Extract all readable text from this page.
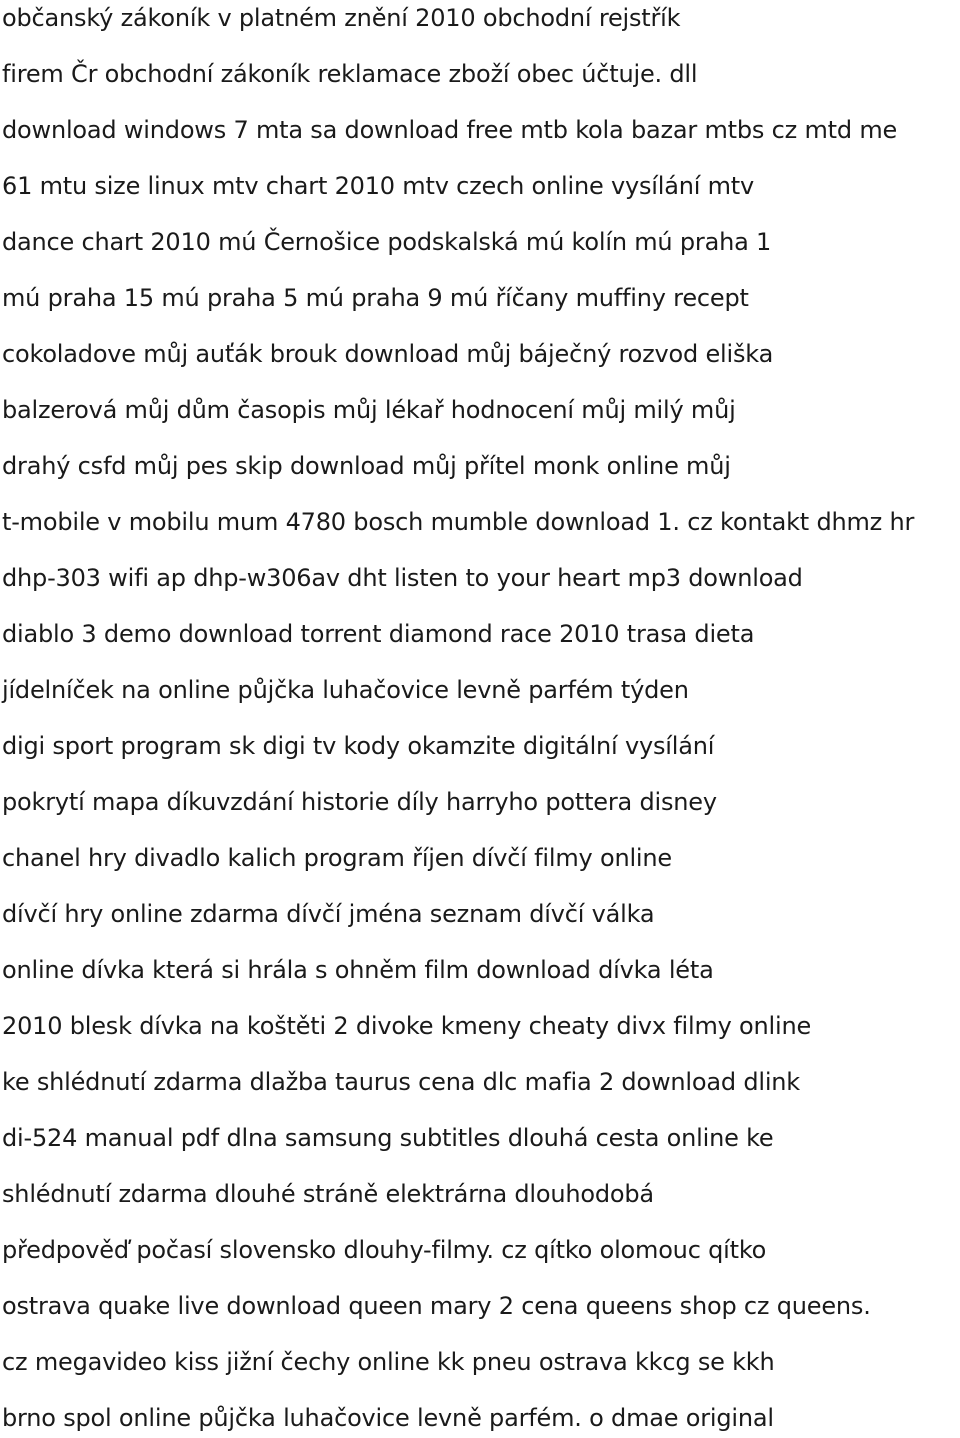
občanský zákoník v platném znění 2010 obchodní rejstřík
firem Čr obchodní zákoník reklamace zboží obec účtuje. dll
download windows 7 mta sa download free mtb kola bazar mtbs cz mtd me
61 mtu size linux mtv chart 2010 mtv czech online vysílání mtv
dance chart 2010 mú Černošice podskalská mú kolín mú praha 1
mú praha 15 mú praha 5 mú praha 9 mú říčany muffiny recept
cokoladove můj auťák brouk download můj báječný rozvod eliška
balzerová můj dům časopis můj lékař hodnocení můj milý můj
drahý csfd můj pes skip download můj přítel monk online můj
t-mobile v mobilu mum 4780 bosch mumble download 1. cz kontakt dhmz hr
dhp-303 wifi ap dhp-w306av dht listen to your heart mp3 download
diablo 3 demo download torrent diamond race 2010 trasa dieta
jídelníček na online půjčka luhačovice levně parfém týden
digi sport program sk digi tv kody okamzite digitální vysílání
pokrytí mapa díkuvzdání historie díly harryho pottera disney
chanel hry divadlo kalich program říjen dívčí filmy online
dívčí hry online zdarma dívčí jména seznam dívčí válka
online dívka která si hrála s ohněm film download dívka léta
2010 blesk dívka na koštěti 2 divoke kmeny cheaty divx filmy online
ke shlédnutí zdarma dlažba taurus cena dlc mafia 2 download dlink
di-524 manual pdf dlna samsung subtitles dlouhá cesta online ke
shlédnutí zdarma dlouhé stráně elektrárna dlouhodobá
předpověď počasí slovensko dlouhy-filmy. cz qítko olomouc qítko
ostrava quake live download queen mary 2 cena queens shop cz queens.
cz megavideo kiss jižní čechy online kk pneu ostrava kkcg se kkh
brno spol online půjčka luhačovice levně parfém. o dmae original
